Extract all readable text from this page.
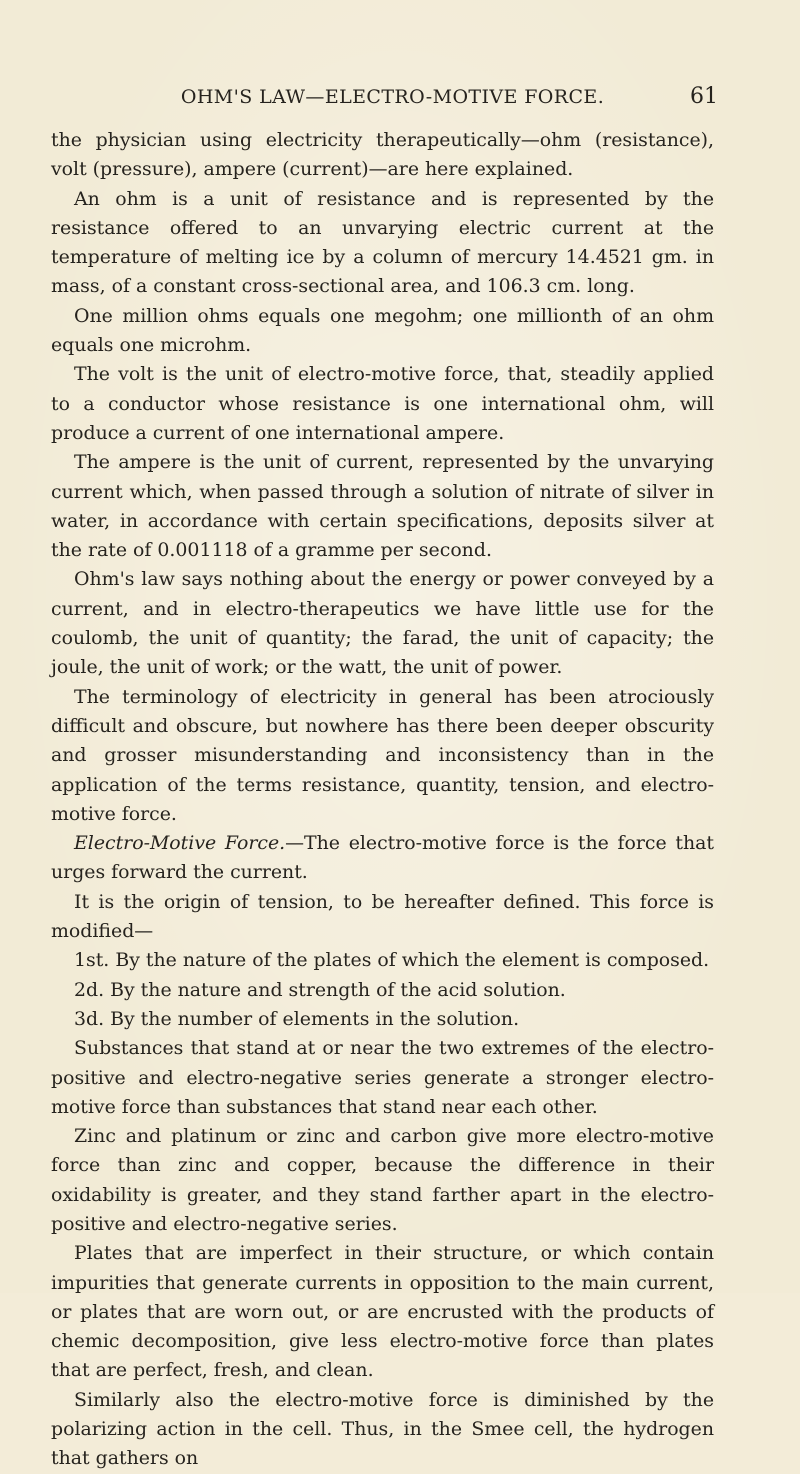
OHM'S LAW—ELECTRO-MOTIVE FORCE.	61

the physician using electricity therapeutically—ohm (resistance), volt (pressure), ampere (current)—are here explained.

An ohm is a unit of resistance and is represented by the resistance offered to an unvarying electric current at the temperature of melting ice by a column of mercury 14.4521 gm. in mass, of a constant cross-sectional area, and 106.3 cm. long.

One million ohms equals one megohm; one millionth of an ohm equals one microhm.

The volt is the unit of electro-motive force, that, steadily applied to a conductor whose resistance is one international ohm, will produce a current of one international ampere.

The ampere is the unit of current, represented by the unvarying current which, when passed through a solution of nitrate of silver in water, in accordance with certain specifications, deposits silver at the rate of 0.001118 of a gramme per second.

Ohm's law says nothing about the energy or power conveyed by a current, and in electro-therapeutics we have little use for the coulomb, the unit of quantity; the farad, the unit of capacity; the joule, the unit of work; or the watt, the unit of power.

The terminology of electricity in general has been atrociously difficult and obscure, but nowhere has there been deeper obscurity and grosser misunderstanding and inconsistency than in the application of the terms resistance, quantity, tension, and electro-motive force.

Electro-Motive Force.—The electro-motive force is the force that urges forward the current.

It is the origin of tension, to be hereafter defined. This force is modified—

1st. By the nature of the plates of which the element is composed.

2d. By the nature and strength of the acid solution.

3d. By the number of elements in the solution.

Substances that stand at or near the two extremes of the electro-positive and electro-negative series generate a stronger electro-motive force than substances that stand near each other.

Zinc and platinum or zinc and carbon give more electro-motive force than zinc and copper, because the difference in their oxidability is greater, and they stand farther apart in the electro-positive and electro-negative series.

Plates that are imperfect in their structure, or which contain impurities that generate currents in opposition to the main current, or plates that are worn out, or are encrusted with the products of chemic decomposition, give less electro-motive force than plates that are perfect, fresh, and clean.

Similarly also the electro-motive force is diminished by the polarizing action in the cell. Thus, in the Smee cell, the hydrogen that gathers on
